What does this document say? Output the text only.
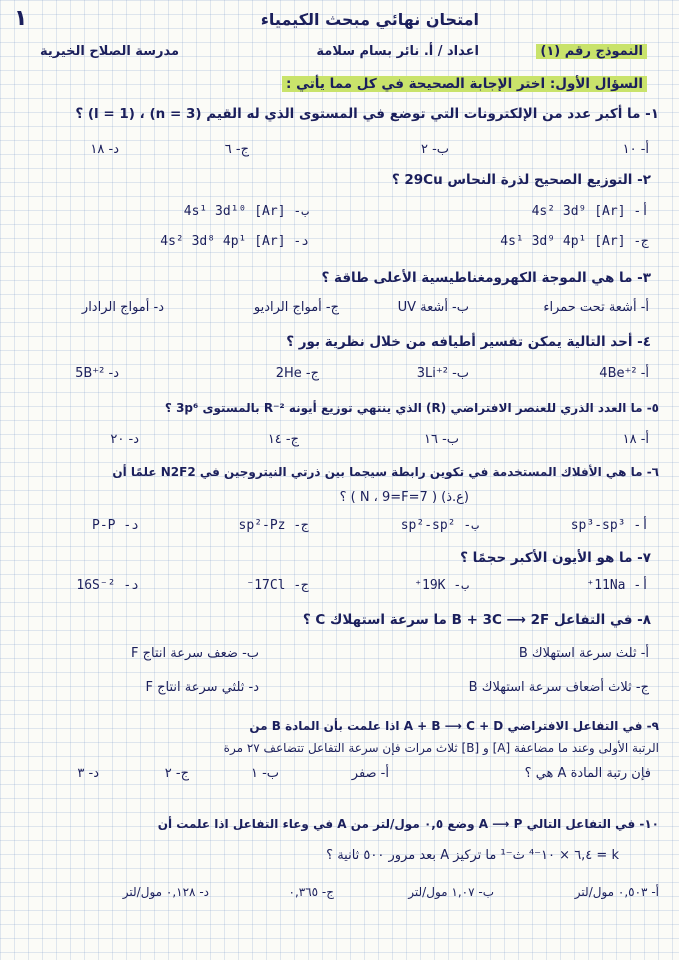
١	امتحان نهائي مبحث الكيمياء
النموذج رقم (١)
اعداد / أ. نائر بسام سلامة
مدرسة الصلاح الخيرية
السؤال الأول: اختر الإجابة الصحيحة في كل مما يأتي :
١- ما أكبر عدد من الإلكترونات التي توضع في المستوى الذي له القيم (n = 3) ، (l = 1) ؟
أ- ١٠
ب- ٢
ج- ٦
د- ١٨
٢- التوزيع الصحيح لذرة النحاس 29Cu ؟
أ- [Ar] 4s² 3d⁹
ب- [Ar] 4s¹ 3d¹⁰
ج- [Ar] 4s¹ 3d⁹ 4p¹
د- [Ar] 4s² 3d⁸ 4p¹
٣- ما هي الموجة الكهرومغناطيسية الأعلى طاقة ؟
أ- أشعة تحت حمراء
ب- أشعة UV
ج- أمواج الراديو
د- أمواج الرادار
٤- أحد التالية يمكن تفسير أطيافه من خلال نظرية بور ؟
أ- 4Be⁺²
ب- 3Li⁺²
ج- 2He
د- 5B⁺²
٥- ما العدد الذري للعنصر الافتراضي (R) الذي ينتهي توزيع أيونه R⁻² بالمستوى 3p⁶ ؟
أ- ١٨
ب- ١٦
ج- ١٤
د- ٢٠
٦- ما هي الأفلاك المستخدمة في تكوين رابطة سيجما بين ذرتي النيتروجين في N2F2 علمًا أن
(ع.ذ) ( 7=N ، 9=F ) ؟
أ- sp³-sp³
ب- sp²-sp²
ج- sp²-Pz
د- P-P
٧- ما هو الأيون الأكبر حجمًا ؟
أ- 11Na⁺
ب- 19K⁺
ج- 17Cl⁻
د- 16S⁻²
٨- في التفاعل B + 3C ⟶ 2F ما سرعة استهلاك C ؟
أ- ثلث سرعة استهلاك B
ب- ضعف سرعة انتاج F
ج- ثلاث أضعاف سرعة استهلاك B
د- ثلثي سرعة انتاج F
٩- في التفاعل الافتراضي A + B ⟶ C + D اذا علمت بأن المادة B من
الرتبة الأولى وعند ما مضاعفة [A] و [B] ثلاث مرات فإن سرعة التفاعل تتضاعف ٢٧ مرة
فإن رتبة المادة A هي ؟
أ- صفر
ب- ١
ج- ٢
د- ٣
١٠- في التفاعل التالي A ⟶ P وضع ٠,٥ مول/لتر من A في وعاء التفاعل اذا علمت أن
k = ٦,٤ × ١٠⁻⁴ ث⁻¹ ما تركيز A بعد مرور ٥٠٠ ثانية ؟
أ- ٠,٥٠٣ مول/لتر
ب- ١,٠٧ مول/لتر
ج- ٠,٣٦٥
د- ٠,١٢٨ مول/لتر
